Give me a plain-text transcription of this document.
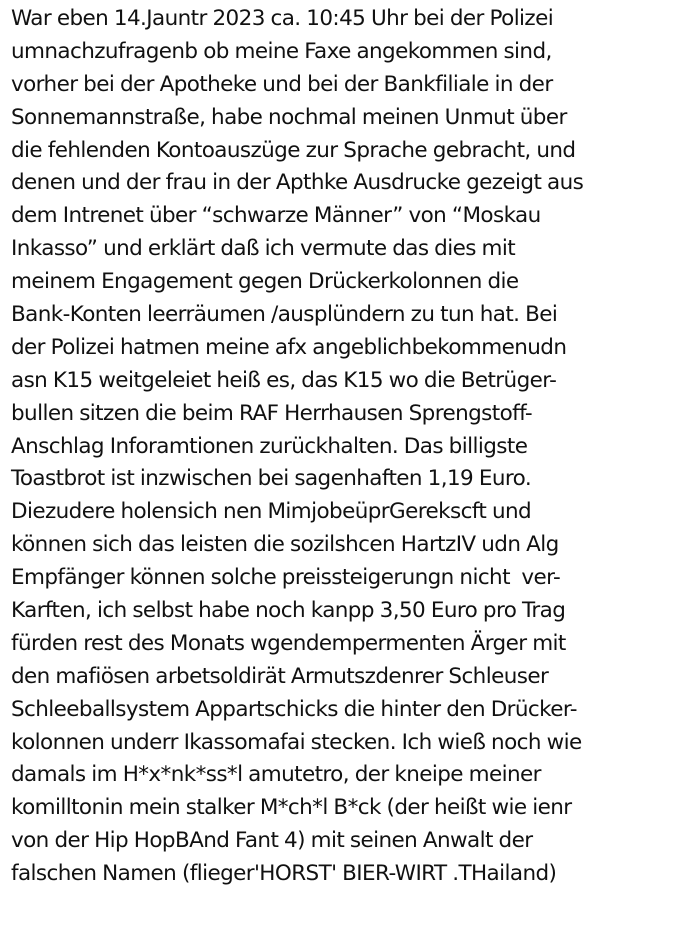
War eben 14.Jauntr 2023 ca. 10:45 Uhr bei der Polizei
umnachzufragenb ob meine Faxe angekommen sind,
vorher bei der Apotheke und bei der Bankfiliale in der
Sonnemannstraße, habe nochmal meinen Unmut über
die fehlenden Kontoauszüge zur Sprache gebracht, und
denen und der frau in der Apthke Ausdrucke gezeigt aus
dem Intrenet über “schwarze Männer” von “Moskau
Inkasso” und erklärt daß ich vermute das dies mit
meinem Engagement gegen Drückerkolonnen die
Bank-Konten leerräumen /ausplündern zu tun hat. Bei
der Polizei hatmen meine afx angeblichbekommenudn
asn K15 weitgeleiet heiß es, das K15 wo die Betrüger-
bullen sitzen die beim RAF Herrhausen Sprengstoff-
Anschlag Inforamtionen zurückhalten. Das billigste
Toastbrot ist inzwischen bei sagenhaften 1,19 Euro.
Diezudere holensich nen MimjobeüprGerekscft und
können sich das leisten die sozilshcen HartzIV udn Alg
Empfänger können solche preissteigerungn nicht  ver-
Karften, ich selbst habe noch kanpp 3,50 Euro pro Trag
fürden rest des Monats wgendempermenten Ärger mit
den mafiösen arbetsoldirät Armutszdenrer Schleuser
Schleeballsystem Appartschicks die hinter den Drücker-
kolonnen underr Ikassomafai stecken. Ich wieß noch wie
damals im H*x*nk*ss*l amutetro, der kneipe meiner
komilltonin mein stalker M*ch*l B*ck (der heißt wie ienr
von der Hip HopBAnd Fant 4) mit seinen Anwalt der
falschen Namen (flieger'HORST' BIER-WIRT .THailand)
